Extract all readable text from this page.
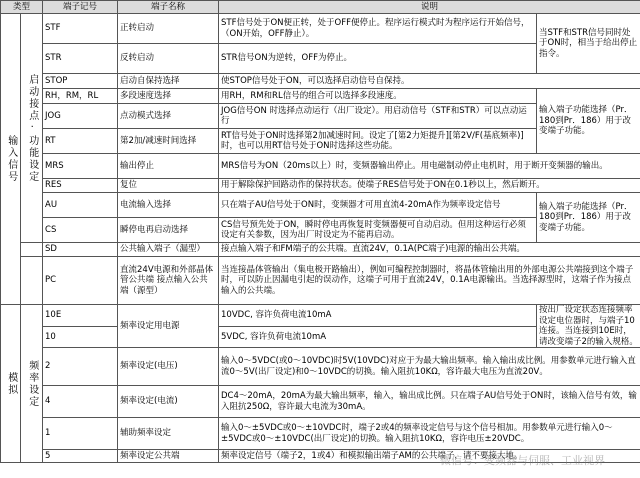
类型		端子记号	端子名称	说明	

输入信号	启动接点·功能设定	STF	正转启动	STF信号处于ON便正转，处于OFF便停止。程序运行模式时为程序运行开始信号，（ON开始，OFF静止）。	当STF和STR信号同时处于ON时，相当于给出停止指令。
		STR	反转启动	STR信号ON为逆转，OFF为停止。	
		STOP	启动自保持选择	使STOP信号处于ON，可以选择启动信号自保持。	
		RH，RM，RL	多段速度选择	用RH，RM和RL信号的组合可以选择多段速度。	输入端子功能选择（Pr．180到Pr．186）用于改变端子功能。
		JOG	点动模式选择	JOG信号ON 时选择点动运行（出厂设定）。用启动信号（STF和STR）可以点动运行	
		RT	第2加/减速时间选择	RT信号处于ON时选择第2加减速时间。设定了[第2力矩提升][第2V/F(基底频率)]时，也可以用RT信号处于ON时选择这些功能。	
		MRS	输出停止	MRS信号为ON（20ms以上）时，变频器输出停止。用电磁制动停止电机时，用于断开变频器的输出。	
		RES	复位	用于解除保护回路动作的保持状态。使端子RES信号处于ON在0.1秒以上，然后断开。	
		AU	电流输入选择	只在端子AU信号处于ON时，变频器才可用直流4-20mA作为频率设定信号	输入端子功能选择（Pr．180到Pr．186）用于改变端子功能。
		CS	瞬停电再启动选择	CS信号预先处于ON，瞬时停电再恢复时变频器便可自动启动。但用这种运行必须设定有关参数，因为出厂时设定为不能再启动。	
		SD	公共输入端子（漏型）	接点输入端子和FM端子的公共端。直流24V，0.1A(PC端子)电源的输出公共端。	
		PC	直流24V电源和外部晶体管公共端 接点输入公共端（源型）	当连接晶体管输出（集电极开路输出），例如可编程控制器时，将晶体管输出用的外部电源公共端接到这个端子时，可以防止因漏电引起的误动作，这端子可用于直流24V，0.1A电源输出。当选择源型时，这端子作为接点输入的公共端。	

模拟	频率设定	10E	频率设定用电源	10VDC, 容许负荷电流10mA	按出厂设定状态连接频率设定电位器时，与端子10连接。当连接到10E时，请改变端子2的输入规格。
		10		5VDC, 容许负荷电流10mA	
		2	频率设定(电压)	输入0～5VDC(或0～10VDC)时5V(10VDC)对应于为最大输出频率。输入输出成比例。用参数单元进行输入直流0～5V(出厂设定)和0～10VDC的切换。输入阻抗10KΩ，容许最大电压为直流20V。	
		4	频率设定(电流)	DC4～20mA，20mA为最大输出频率，输入，输出成比例。只在端子AU信号处于ON时，该输入信号有效，输入阻抗250Ω，容许最大电流为30mA。	
		1	辅助频率设定	输入0～±5VDC或0～±10VDC时，端子2或4的频率设定信号与这个信号相加。用参数单元进行输入0～±5VDC或0～±10VDC(出厂设定)的切换。输入阻抗10KΩ，容许电压±20VDC。	
		5	频率设定公共端	频率设定信号（端子2，1或4）和模拟输出端子AM的公共端子，请不要接大地。	
微信号：变频器与伺服、工业视界
